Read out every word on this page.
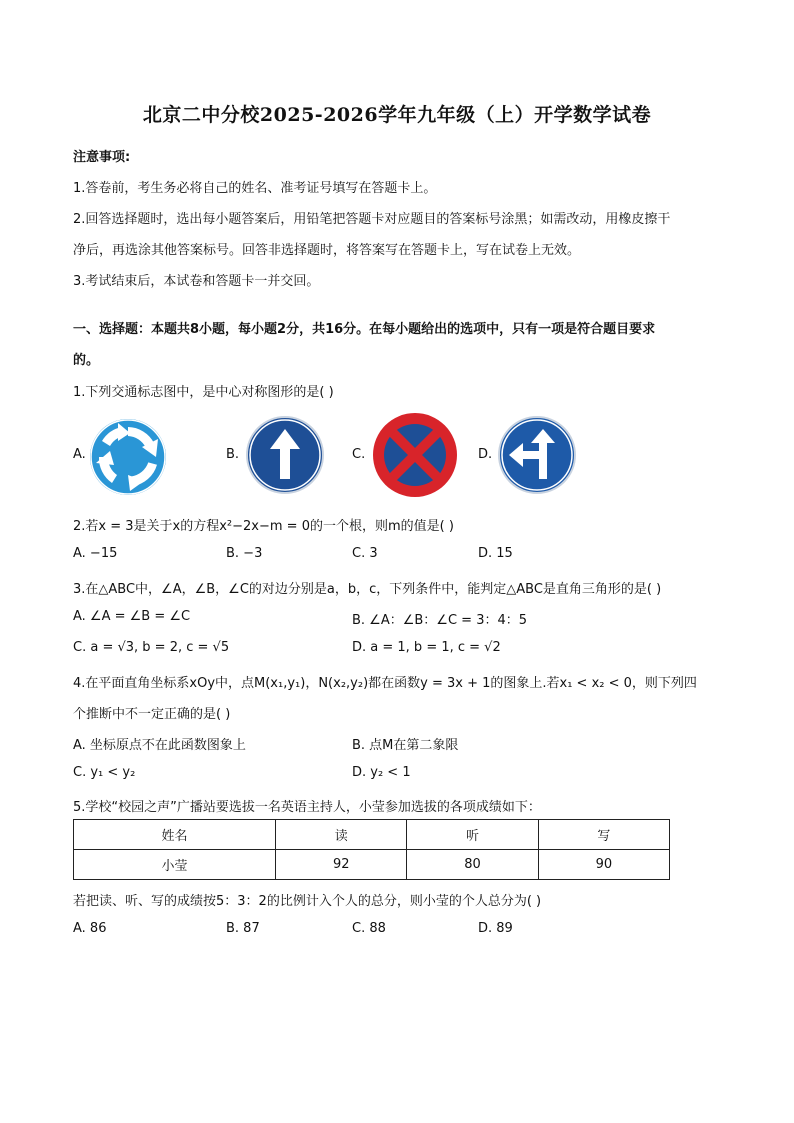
北京二中分校2025-2026学年九年级（上）开学数学试卷
注意事项:
1.答卷前，考生务必将自己的姓名、准考证号填写在答题卡上。
2.回答选择题时，选出每小题答案后，用铅笔把答题卡对应题目的答案标号涂黑；如需改动，用橡皮擦干
净后，再选涂其他答案标号。回答非选择题时，将答案写在答题卡上，写在试卷上无效。
3.考试结束后，本试卷和答题卡一并交回。
一、选择题：本题共8小题，每小题2分，共16分。在每小题给出的选项中，只有一项是符合题目要求
的。
1.下列交通标志图中，是中心对称图形的是( )
A.	B.	C.	D.
2.若x = 3是关于x的方程x²−2x−m = 0的一个根，则m的值是( )
A. −15	B. −3	C. 3	D. 15
3.在△ABC中，∠A，∠B，∠C的对边分别是a，b，c，下列条件中，能判定△ABC是直角三角形的是( )
A. ∠A = ∠B = ∠C	B. ∠A：∠B：∠C = 3：4：5
C. a = √3, b = 2, c = √5	D. a = 1, b = 1, c = √2
4.在平面直角坐标系xOy中，点M(x₁,y₁)，N(x₂,y₂)都在函数y = 3x + 1的图象上.若x₁ < x₂ < 0，则下列四
个推断中不一定正确的是( )
A. 坐标原点不在此函数图象上	B. 点M在第二象限
C. y₁ < y₂	D. y₂ < 1
5.学校“校园之声”广播站要选拔一名英语主持人，小莹参加选拔的各项成绩如下：
姓名	读	听	写
小莹	92	80	90
若把读、听、写的成绩按5：3：2的比例计入个人的总分，则小莹的个人总分为( )
A. 86	B. 87	C. 88	D. 89
